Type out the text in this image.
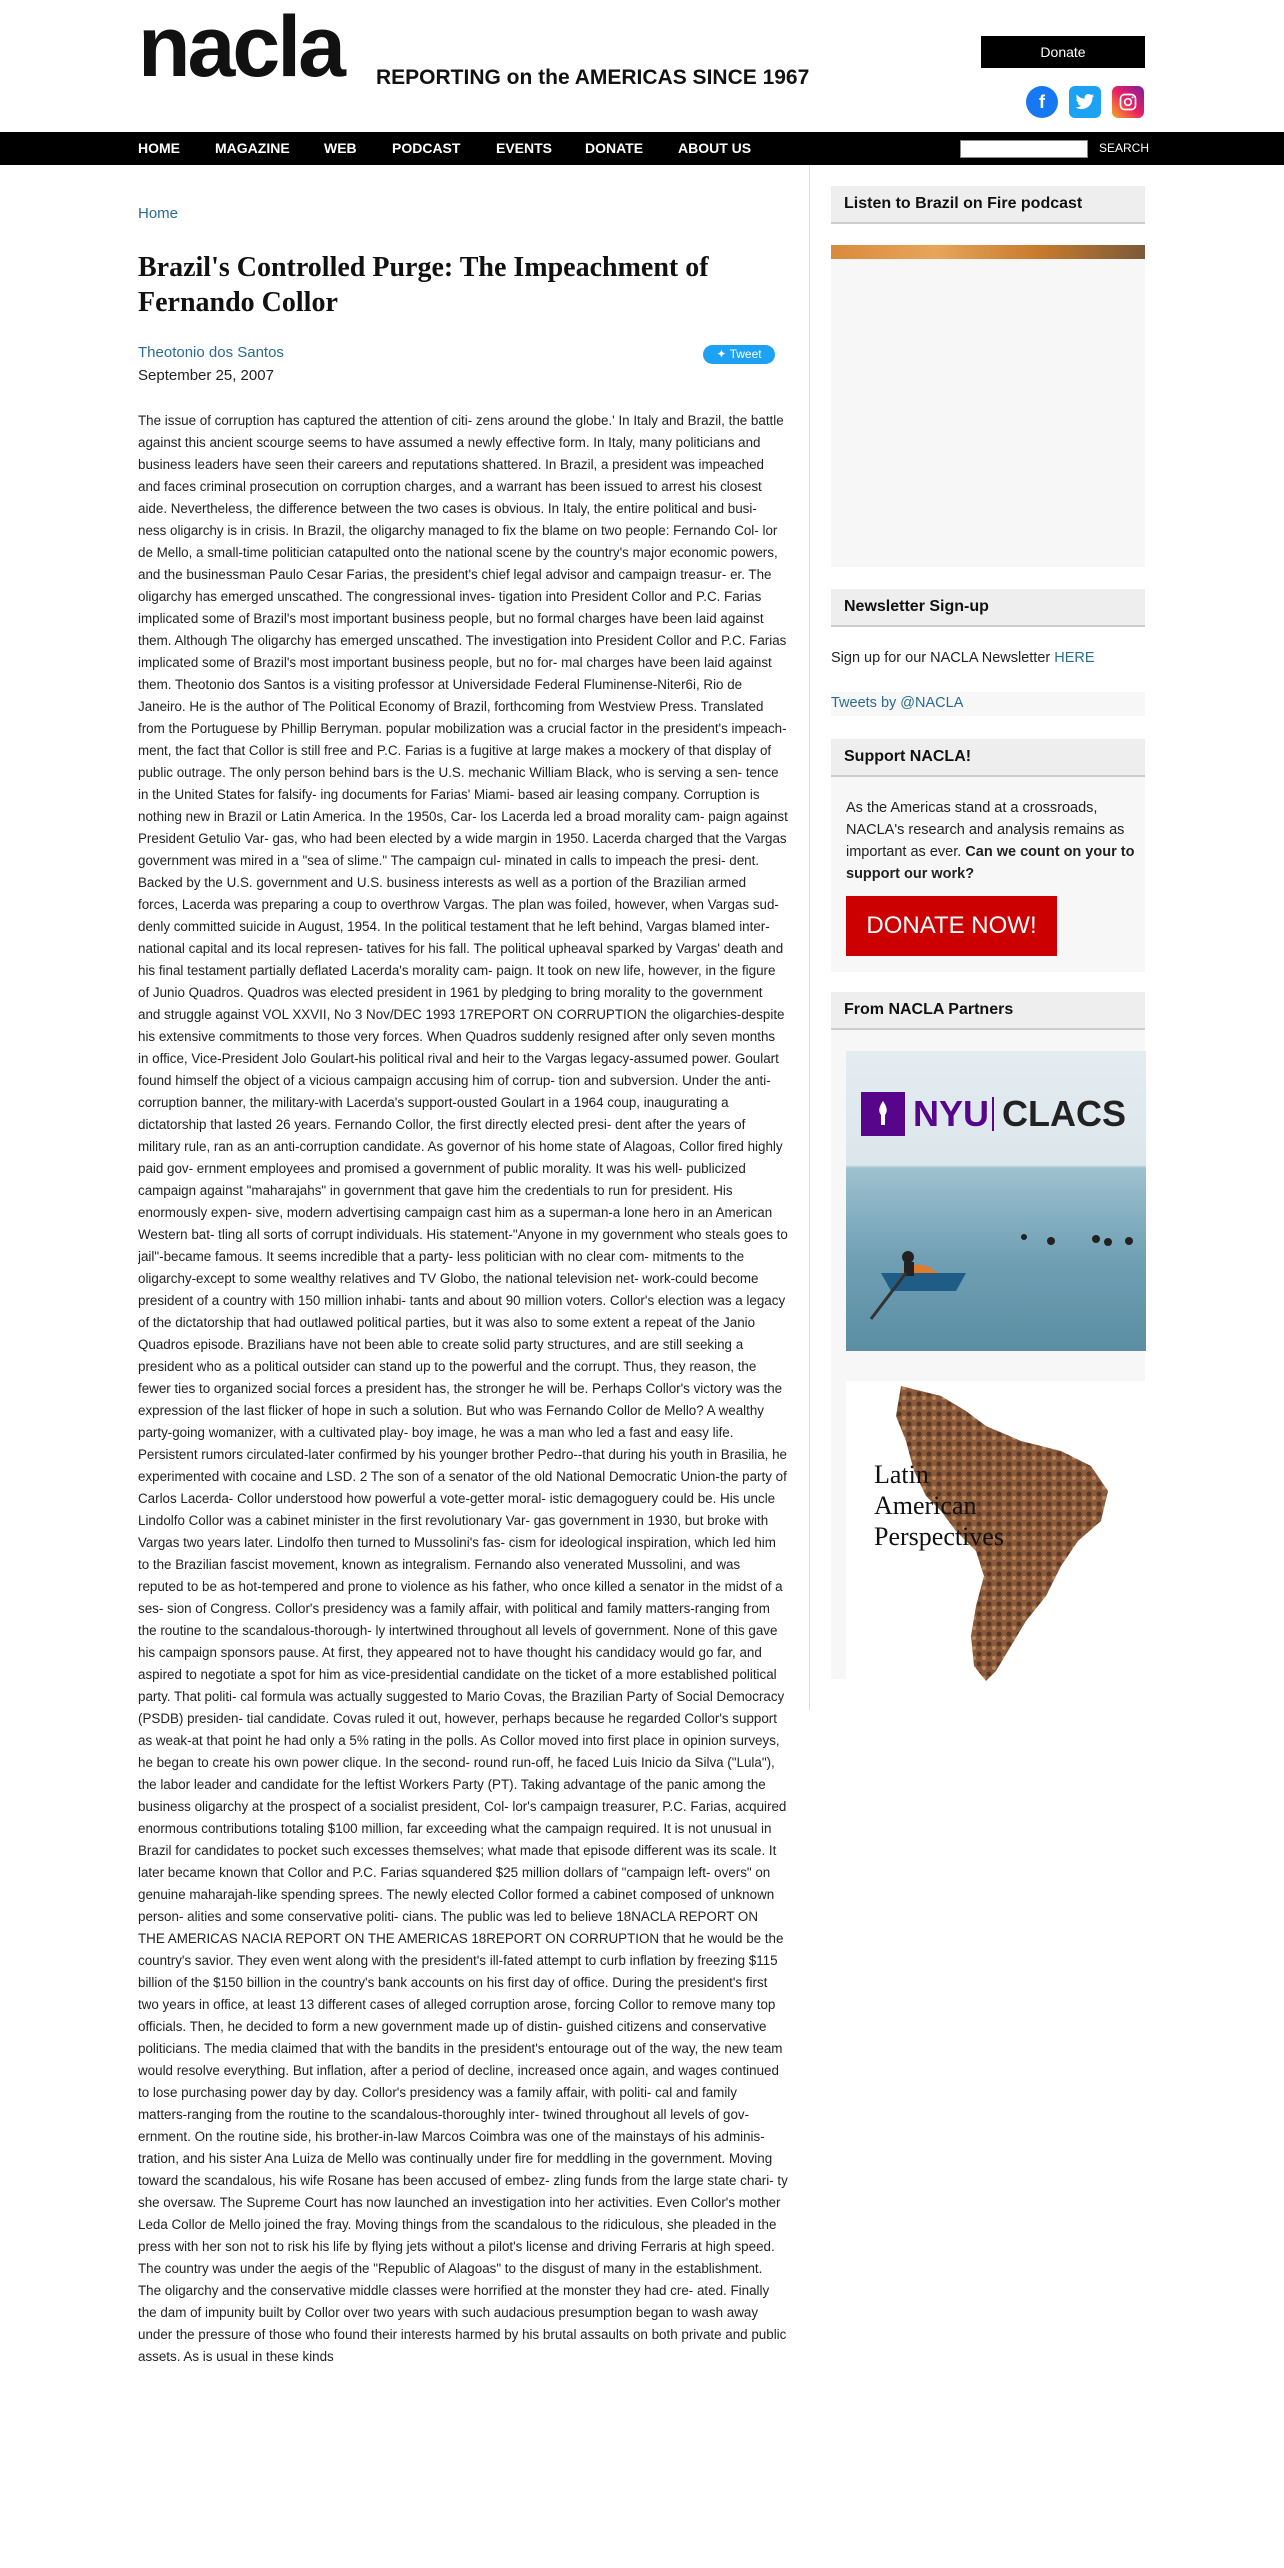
nacla REPORTING on the AMERICAS SINCE 1967
Donate
f
HOME	MAGAZINE WEB	PODCAST	EVENTS DONATE ABOUT US	SEARCH
Home
Brazil's Controlled Purge: The Impeachment of Fernando Collor
Theotonio dos Santos
September 25, 2007
✦ Tweet

The issue of corruption has captured the attention of citi- zens around the globe.' In Italy and Brazil, the battle against this ancient scourge seems to have assumed a newly effective form. In Italy, many politicians and business leaders have seen their careers and reputations shattered. In Brazil, a president was impeached and faces criminal prosecution on corruption charges, and a warrant has been issued to arrest his closest aide. Nevertheless, the difference between the two cases is obvious. In Italy, the entire political and busi- ness oligarchy is in crisis. In Brazil, the oligarchy managed to fix the blame on two people: Fernando Col- lor de Mello, a small-time politician catapulted onto the national scene by the country's major economic powers, and the businessman Paulo Cesar Farias, the president's chief legal advisor and campaign treasur- er. The oligarchy has emerged unscathed. The congressional inves- tigation into President Collor and P.C. Farias implicated some of Brazil's most important business people, but no formal charges have been laid against them. Although The oligarchy has emerged unscathed. The investigation into President Collor and P.C. Farias implicated some of Brazil's most important business people, but no for- mal charges have been laid against them. Theotonio dos Santos is a visiting professor at Universidade Federal Fluminense-Niter6i, Rio de Janeiro. He is the author of The Political Economy of Brazil, forthcoming from Westview Press. Translated from the Portuguese by Phillip Berryman. popular mobilization was a crucial factor in the president's impeach- ment, the fact that Collor is still free and P.C. Farias is a fugitive at large makes a mockery of that display of public outrage. The only person behind bars is the U.S. mechanic William Black, who is serving a sen- tence in the United States for falsify- ing documents for Farias' Miami- based air leasing company. Corruption is nothing new in Brazil or Latin America. In the 1950s, Car- los Lacerda led a broad morality cam- paign against President Getulio Var- gas, who had been elected by a wide margin in 1950. Lacerda charged that the Vargas government was mired in a "sea of slime." The campaign cul- minated in calls to impeach the presi- dent. Backed by the U.S. government and U.S. business interests as well as a portion of the Brazilian armed forces, Lacerda was preparing a coup to overthrow Vargas. The plan was foiled, however, when Vargas sud- denly committed suicide in August, 1954. In the political testament that he left behind, Vargas blamed inter- national capital and its local represen- tatives for his fall. The political upheaval sparked by Vargas' death and his final testament partially deflated Lacerda's morality cam- paign. It took on new life, however, in the figure of Junio Quadros. Quadros was elected president in 1961 by pledging to bring morality to the government and struggle against VOL XXVII, No 3 Nov/DEC 1993 17REPORT ON CORRUPTION the oligarchies-despite his extensive commitments to those very forces. When Quadros suddenly resigned after only seven months in office, Vice-President Jolo Goulart-his political rival and heir to the Vargas legacy-assumed power. Goulart found himself the object of a vicious campaign accusing him of corrup- tion and subversion. Under the anti-corruption banner, the military-with Lacerda's support-ousted Goulart in a 1964 coup, inaugurating a dictatorship that lasted 26 years. Fernando Collor, the first directly elected presi- dent after the years of military rule, ran as an anti-corruption candidate. As governor of his home state of Alagoas, Collor fired highly paid gov- ernment employees and promised a government of public morality. It was his well- publicized campaign against "maharajahs" in government that gave him the credentials to run for president. His enormously expen- sive, modern advertising campaign cast him as a superman-a lone hero in an American Western bat- tling all sorts of corrupt individuals. His statement-"Anyone in my government who steals goes to jail"-became famous. It seems incredible that a party- less politician with no clear com- mitments to the oligarchy-except to some wealthy relatives and TV Globo, the national television net- work-could become president of a country with 150 million inhabi- tants and about 90 million voters. Collor's election was a legacy of the dictatorship that had outlawed political parties, but it was also to some extent a repeat of the Janio Quadros episode. Brazilians have not been able to create solid party structures, and are still seeking a president who as a political outsider can stand up to the powerful and the corrupt. Thus, they reason, the fewer ties to organized social forces a president has, the stronger he will be. Perhaps Collor's victory was the expression of the last flicker of hope in such a solution. But who was Fernando Collor de Mello? A wealthy party-going womanizer, with a cultivated play- boy image, he was a man who led a fast and easy life. Persistent rumors circulated-later confirmed by his younger brother Pedro--that during his youth in Brasilia, he experimented with cocaine and LSD. 2 The son of a senator of the old National Democratic Union-the party of Carlos Lacerda- Collor understood how powerful a vote-getter moral- istic demagoguery could be. His uncle Lindolfo Collor was a cabinet minister in the first revolutionary Var- gas government in 1930, but broke with Vargas two years later. Lindolfo then turned to Mussolini's fas- cism for ideological inspiration, which led him to the Brazilian fascist movement, known as integralism. Fernando also venerated Mussolini, and was reputed to be as hot-tempered and prone to violence as his father, who once killed a senator in the midst of a ses- sion of Congress. Collor's presidency was a family affair, with political and family matters-ranging from the routine to the scandalous-thorough- ly intertwined throughout all levels of government. None of this gave his campaign sponsors pause. At first, they appeared not to have thought his candidacy would go far, and aspired to negotiate a spot for him as vice-presidential candidate on the ticket of a more established political party. That politi- cal formula was actually suggested to Mario Covas, the Brazilian Party of Social Democracy (PSDB) presiden- tial candidate. Covas ruled it out, however, perhaps because he regarded Collor's support as weak-at that point he had only a 5% rating in the polls. As Collor moved into first place in opinion surveys, he began to create his own power clique. In the second- round run-off, he faced Luis Inicio da Silva ("Lula"), the labor leader and candidate for the leftist Workers Party (PT). Taking advantage of the panic among the business oligarchy at the prospect of a socialist president, Col- lor's campaign treasurer, P.C. Farias, acquired enormous contributions totaling $100 million, far exceeding what the campaign required. It is not unusual in Brazil for candidates to pocket such excesses themselves; what made that episode different was its scale. It later became known that Collor and P.C. Farias squandered $25 million dollars of "campaign left- overs" on genuine maharajah-like spending sprees. The newly elected Collor formed a cabinet composed of unknown person- alities and some conservative politi- cians. The public was led to believe 18NACLA REPORT ON THE AMERICAS NACIA REPORT ON THE AMERICAS 18REPORT ON CORRUPTION that he would be the country's savior. They even went along with the president's ill-fated attempt to curb inflation by freezing $115 billion of the $150 billion in the country's bank accounts on his first day of office. During the president's first two years in office, at least 13 different cases of alleged corruption arose, forcing Collor to remove many top officials. Then, he decided to form a new government made up of distin- guished citizens and conservative politicians. The media claimed that with the bandits in the president's entourage out of the way, the new team would resolve everything. But inflation, after a period of decline, increased once again, and wages continued to lose purchasing power day by day. Collor's presidency was a family affair, with politi- cal and family matters-ranging from the routine to the scandalous-thoroughly inter- twined throughout all levels of gov- ernment. On the routine side, his brother-in-law Marcos Coimbra was one of the mainstays of his adminis- tration, and his sister Ana Luiza de Mello was continually under fire for meddling in the government. Moving toward the scandalous, his wife Rosane has been accused of embez- zling funds from the large state chari- ty she oversaw. The Supreme Court has now launched an investigation into her activities. Even Collor's mother Leda Collor de Mello joined the fray. Moving things from the scandalous to the ridiculous, she pleaded in the press with her son not to risk his life by flying jets without a pilot's license and driving Ferraris at high speed. The country was under the aegis of the "Republic of Alagoas" to the disgust of many in the establishment. The oligarchy and the conservative middle classes were horrified at the monster they had cre- ated. Finally the dam of impunity built by Collor over two years with such audacious presumption began to wash away under the pressure of those who found their interests harmed by his brutal assaults on both private and public assets. As is usual in these kinds

Listen to Brazil on Fire podcast
Newsletter Sign-up
Sign up for our NACLA Newsletter HERE
Tweets by @NACLA
Support NACLA!
As the Americas stand at a crossroads, NACLA's research and analysis remains as important as ever. Can we count on your to support our work?
DONATE NOW!
From NACLA Partners
NYU CLACS
Latin
American
Perspectives
